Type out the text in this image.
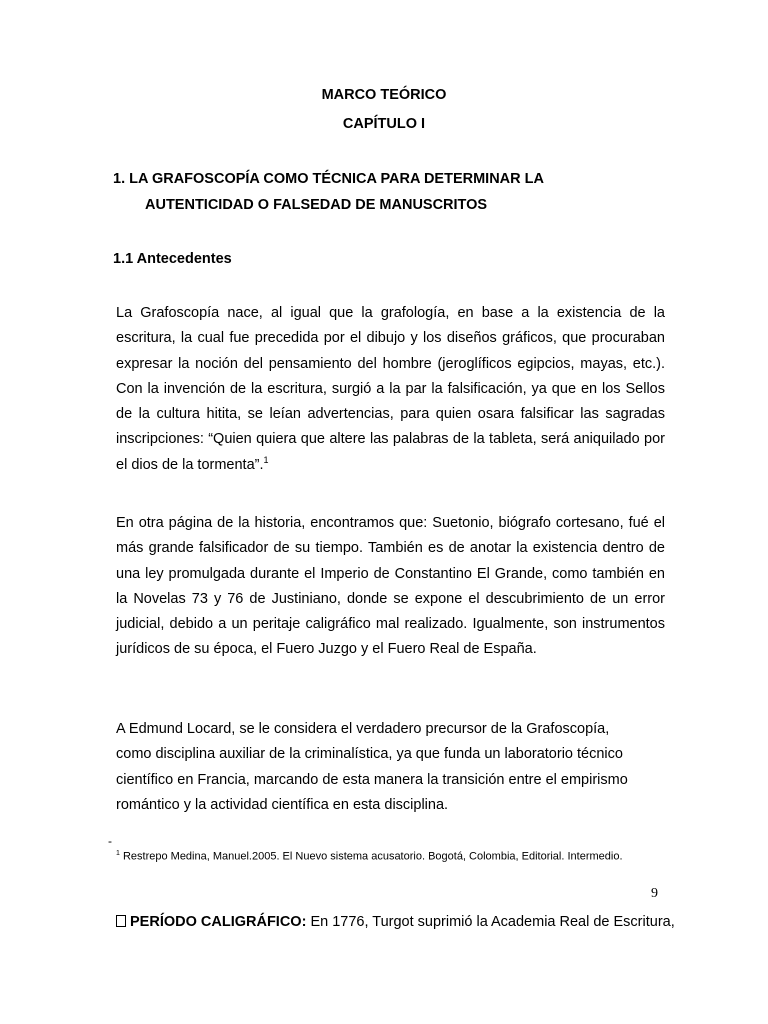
MARCO TEÓRICO
CAPÍTULO I
1. LA GRAFOSCOPÍA COMO TÉCNICA PARA DETERMINAR LA
AUTENTICIDAD O FALSEDAD DE MANUSCRITOS
1.1 Antecedentes

La Grafoscopía nace, al igual que la grafología, en base a la existencia de la escritura, la cual fue precedida por el dibujo y los diseños gráficos, que procuraban expresar la noción del pensamiento del hombre (jeroglíficos egipcios, mayas, etc.). Con la invención de la escritura, surgió a la par la falsificación, ya que en los Sellos de la cultura hitita, se leían advertencias, para quien osara falsificar las sagradas inscripciones: “Quien quiera que altere las palabras de la tableta, será aniquilado por el dios de la tormenta”.$^1$

En otra página de la historia, encontramos que: Suetonio, biógrafo cortesano, fué el más grande falsificador de su tiempo. También es de anotar la existencia dentro de una ley promulgada durante el Imperio de Constantino El Grande, como también en la Novelas 73 y 76 de Justiniano, donde se expone el descubrimiento de un error judicial, debido a un peritaje caligráfico mal realizado. Igualmente, son instrumentos jurídicos de su época, el Fuero Juzgo y el Fuero Real de España.

A Edmund Locard, se le considera el verdadero precursor de la Grafoscopía,
como disciplina auxiliar de la criminalística, ya que funda un laboratorio técnico
científico en Francia, marcando de esta manera la transición entre el empirismo
romántico y la actividad científica en esta disciplina.
-
$^1$ Restrepo Medina, Manuel.2005. El Nuevo sistema acusatorio. Bogotá, Colombia, Editorial. Intermedio.
9
PERÍODO CALIGRÁFICO: En 1776, Turgot suprimió la Academia Real de Escritura,
